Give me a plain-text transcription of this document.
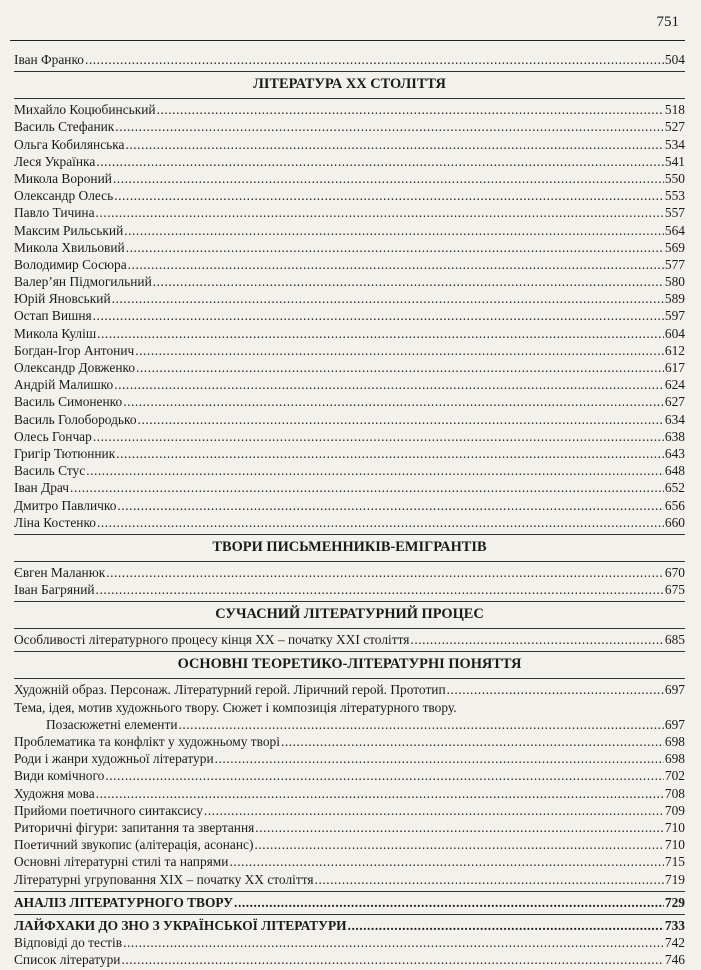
751
Іван Франко . . .	504
ЛІТЕРАТУРА XX СТОЛІТТЯ
Михайло Коцюбинський . . .	518
Василь Стефаник . . .	527
Ольга Кобилянська . . .	534
Леся Українка . . .	541
Микола Вороний . . .	550
Олександр Олесь . . .	553
Павло Тичина . . .	557
Максим Рильський . . .	564
Микола Хвильовий . . .	569
Володимир Сосюра . . .	577
Валер’ян Підмогильний . . .	580
Юрій Яновський . . .	589
Остап Вишня . . .	597
Микола Куліш . . .	604
Богдан-Ігор Антонич . . .	612
Олександр Довженко . . .	617
Андрій Малишко . . .	624
Василь Симоненко . . .	627
Василь Голобородько . . .	634
Олесь Гончар . . .	638
Григір Тютюнник . . .	643
Василь Стус . . .	648
Іван Драч . . .	652
Дмитро Павличко . . .	656
Ліна Костенко . . .	660
ТВОРИ ПИСЬМЕННИКІВ-ЕМІГРАНТІВ
Євген Маланюк . . .	670
Іван Багряний . . .	675
СУЧАСНИЙ ЛІТЕРАТУРНИЙ ПРОЦЕС
Особливості літературного процесу кінця XX – початку XXI століття . . .	685
ОСНОВНІ ТЕОРЕТИКО-ЛІТЕРАТУРНІ ПОНЯТТЯ
Художній образ. Персонаж. Літературний герой. Ліричний герой. Прототип . . .	697
Тема, ідея, мотив художнього твору. Сюжет і композиція літературного твору.
Позасюжетні елементи . . .	697
Проблематика та конфлікт у художньому творі . . .	698
Роди і жанри художньої літератури . . .	698
Види комічного . . .	702
Художня мова . . .	708
Прийоми поетичного синтаксису . . .	709
Риторичні фігури: запитання та звертання . . .	710
Поетичний звукопис (алітерація, асонанс) . . .	710
Основні літературні стилі та напрями . . .	715
Літературні угруповання XIX – початку XX століття . . .	719
АНАЛІЗ ЛІТЕРАТУРНОГО ТВОРУ . . .	729
ЛАЙФХАКИ ДО ЗНО З УКРАЇНСЬКОЇ ЛІТЕРАТУРИ . . .	733
Відповіді до тестів . . .	742
Список літератури . . .	746
